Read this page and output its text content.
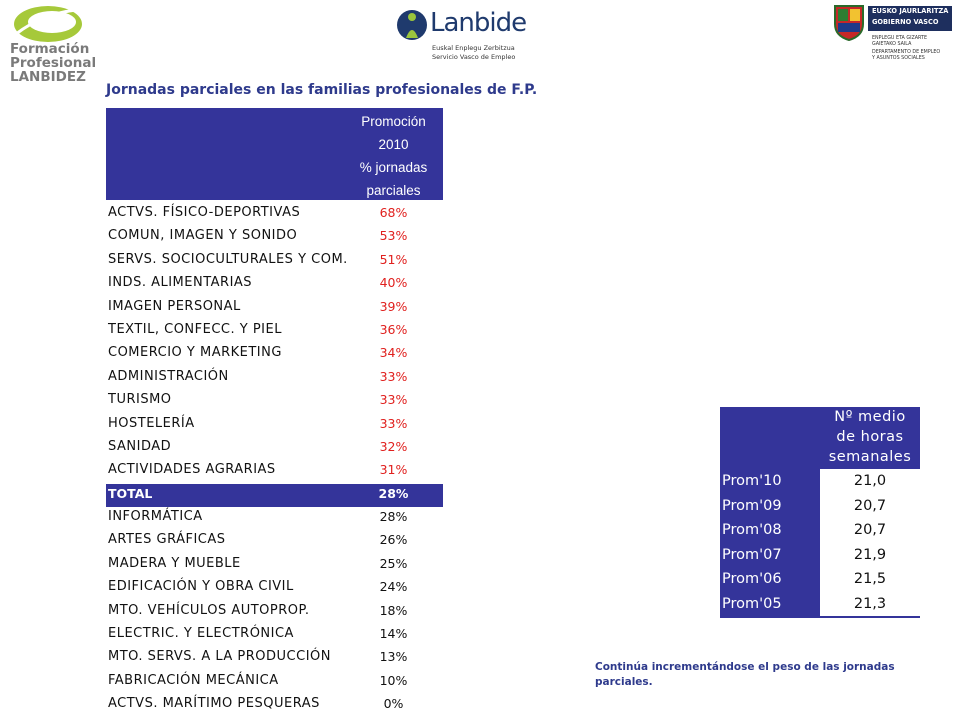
Formación Profesional
LANBIDEZ
Lanbide
Euskal Enplegu Zerbitzua
Servicio Vasco de Empleo
EUSKO JAURLARITZA
GOBIERNO VASCO
ENPLEGU ETA GIZARTE
GAIETAKO SAILA
DEPARTAMENTO DE EMPLEO
Y ASUNTOS SOCIALES
Jornadas parciales en las familias profesionales de F.P.
Promoción
2010
% jornadas
parciales
ACTVS. FÍSICO-DEPORTIVAS	68%
COMUN, IMAGEN Y SONIDO	53%
SERVS. SOCIOCULTURALES Y COM.	51%
INDS. ALIMENTARIAS	40%
IMAGEN PERSONAL	39%
TEXTIL, CONFECC. Y PIEL	36%
COMERCIO Y MARKETING	34%
ADMINISTRACIÓN	33%
TURISMO	33%
HOSTELERÍA	33%
SANIDAD	32%
ACTIVIDADES AGRARIAS	31%
TOTAL	28%
INFORMÁTICA	28%
ARTES GRÁFICAS	26%
MADERA Y MUEBLE	25%
EDIFICACIÓN Y OBRA CIVIL	24%
MTO. VEHÍCULOS AUTOPROP.	18%
ELECTRIC. Y ELECTRÓNICA	14%
MTO. SERVS. A LA PRODUCCIÓN	13%
FABRICACIÓN MECÁNICA	10%
ACTVS. MARÍTIMO PESQUERAS	0%
Nº medio
de horas
semanales
Prom'10	21,0
Prom'09	20,7
Prom'08	20,7
Prom'07	21,9
Prom'06	21,5
Prom'05	21,3
Continúa incrementándose el peso de las jornadas parciales.
